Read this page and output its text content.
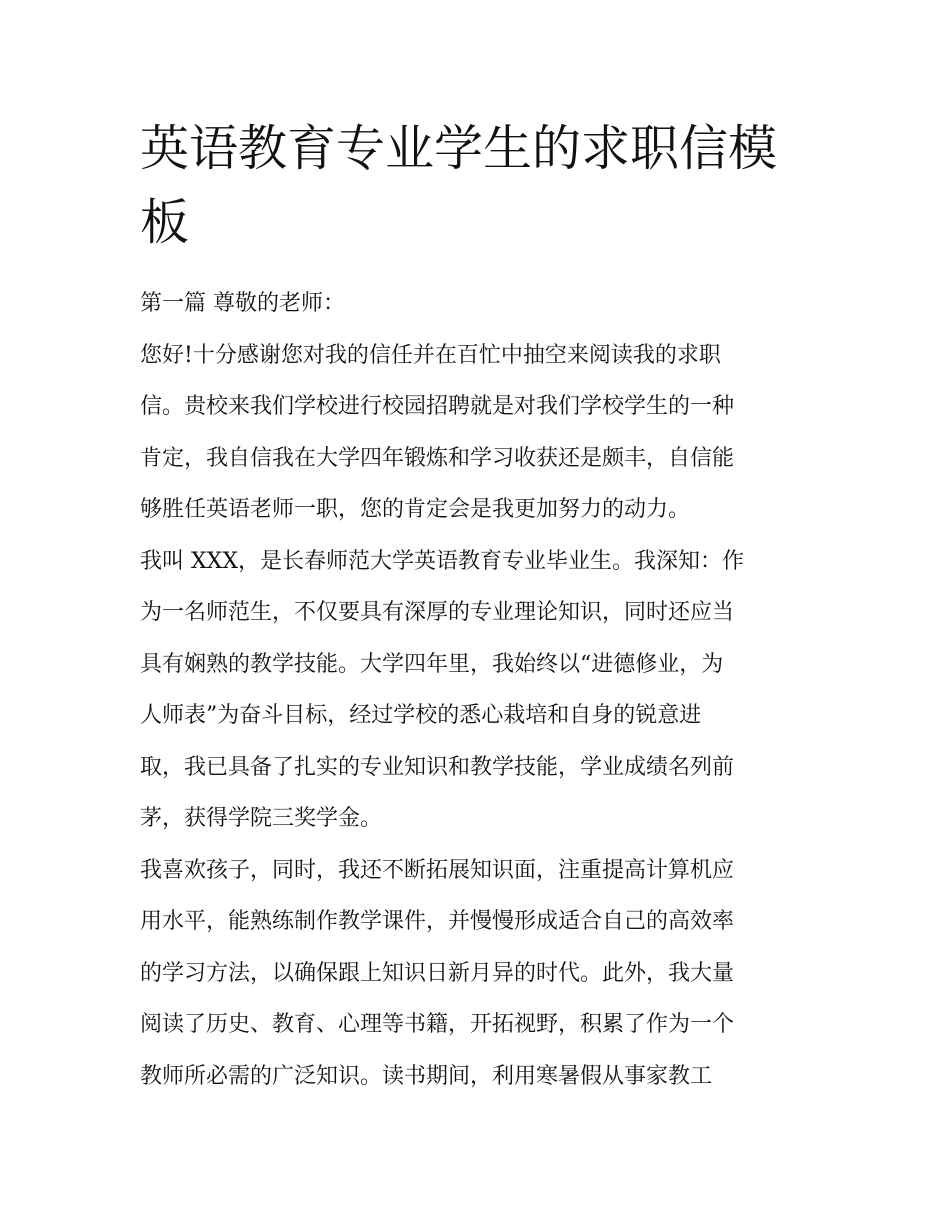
英语教育专业学生的求职信模
板
第一篇 尊敬的老师：
您好!十分感谢您对我的信任并在百忙中抽空来阅读我的求职
信。贵校来我们学校进行校园招聘就是对我们学校学生的一种
肯定，我自信我在大学四年锻炼和学习收获还是颇丰，自信能
够胜任英语老师一职，您的肯定会是我更加努力的动力。
我叫 XXX，是长春师范大学英语教育专业毕业生。我深知：作
为一名师范生，不仅要具有深厚的专业理论知识，同时还应当
具有娴熟的教学技能。大学四年里，我始终以“进德修业，为
人师表”为奋斗目标，经过学校的悉心栽培和自身的锐意进
取，我已具备了扎实的专业知识和教学技能，学业成绩名列前
茅，获得学院三奖学金。
我喜欢孩子，同时，我还不断拓展知识面，注重提高计算机应
用水平，能熟练制作教学课件，并慢慢形成适合自己的高效率
的学习方法，以确保跟上知识日新月异的时代。此外，我大量
阅读了历史、教育、心理等书籍，开拓视野，积累了作为一个
教师所必需的广泛知识。读书期间，利用寒暑假从事家教工
